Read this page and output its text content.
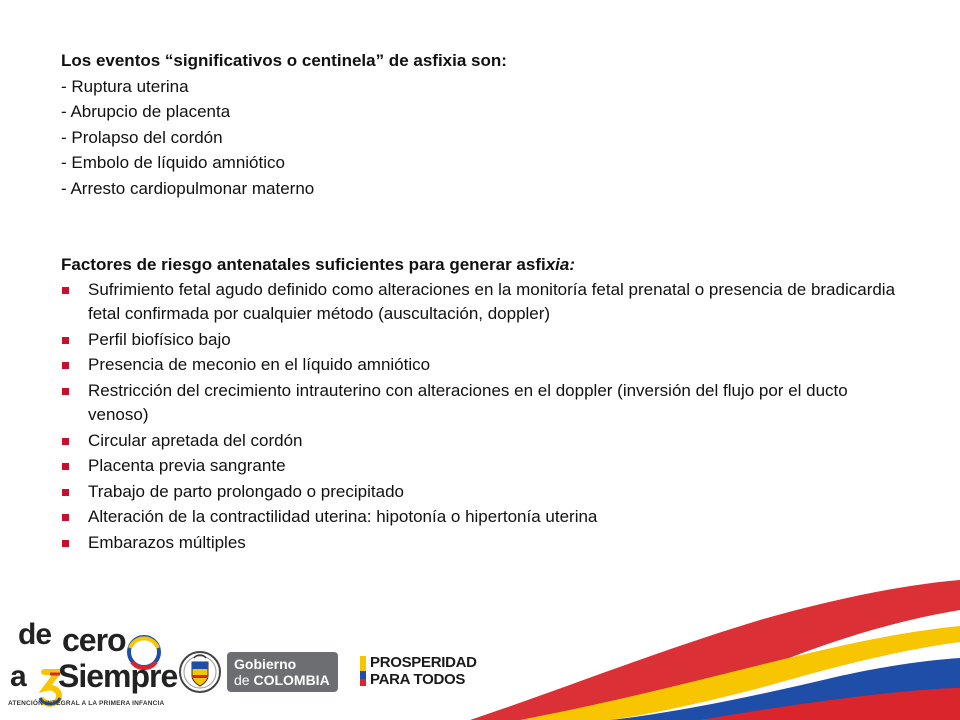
Los eventos “significativos o centinela” de asfixia son:

- Ruptura uterina
- Abrupcio de placenta
- Prolapso del cordón
- Embolo de líquido amniótico
- Arresto cardiopulmonar materno

Factores de riesgo antenatales suficientes para generar asfixia:

Sufrimiento fetal agudo definido como alteraciones en la monitoría fetal prenatal o presencia de bradicardia fetal confirmada por cualquier método (auscultación, doppler)
Perfil biofísico bajo
Presencia de meconio en el líquido amniótico
Restricción del crecimiento intrauterino con alteraciones en el doppler (inversión del flujo por el ducto venoso)
Circular apretada del cordón
Placenta previa sangrante
Trabajo de parto prolongado o precipitado
Alteración de la contractilidad uterina: hipotonía o hipertonía uterina
Embarazos múltiples
de cero
a Siempre
ATENCIÓN INTEGRAL A LA PRIMERA INFANCIA
Gobierno
de COLOMBIA
PROSPERIDAD
PARA TODOS
